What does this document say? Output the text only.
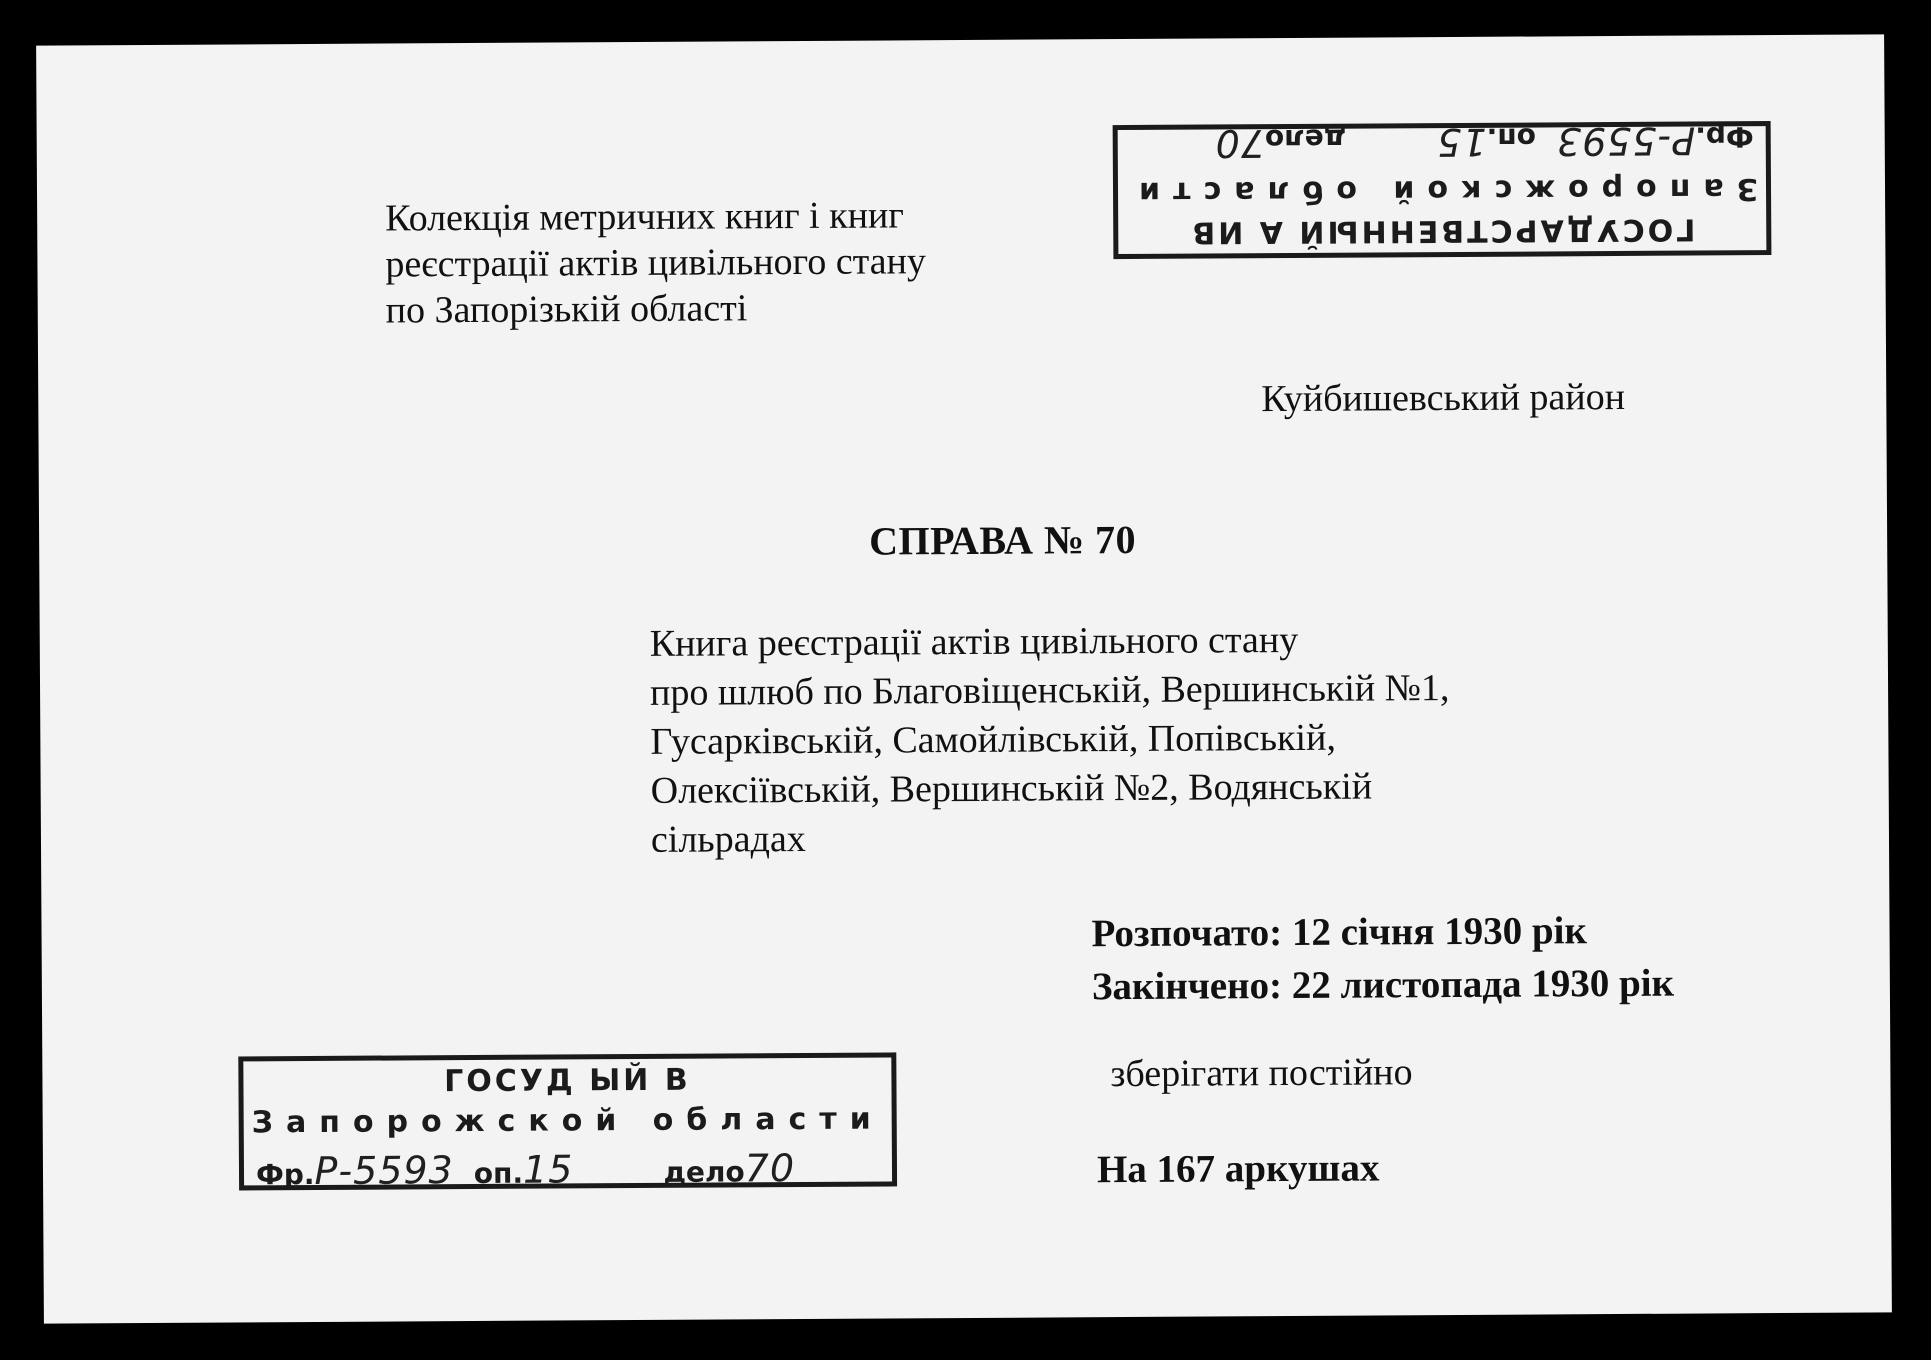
Колекція метричних книг і книг
реєстрації актів цивільного стану
по Запорізькій області
Куйбишевський район
СПРАВА № 70
Книга реєстрації актів цивільного стану
про шлюб по Благовіщенській, Вершинській №1,
Гусарківській, Самойлівській, Попівській,
Олексіївській, Вершинській №2, Водянській
сільрадах
Розпочато: 12 січня 1930 рік
Закінчено: 22 листопада 1930 рік
зберігати постійно
На 167 аркушах
ГОСУДАРСТВЕННЫЙ А ИВ
Запорожской области
Фр.Р-5593оп.15дело70
ГОСУД ЫЙ В
Запорожской области
Фр.Р-5593 оп.15	дело70
